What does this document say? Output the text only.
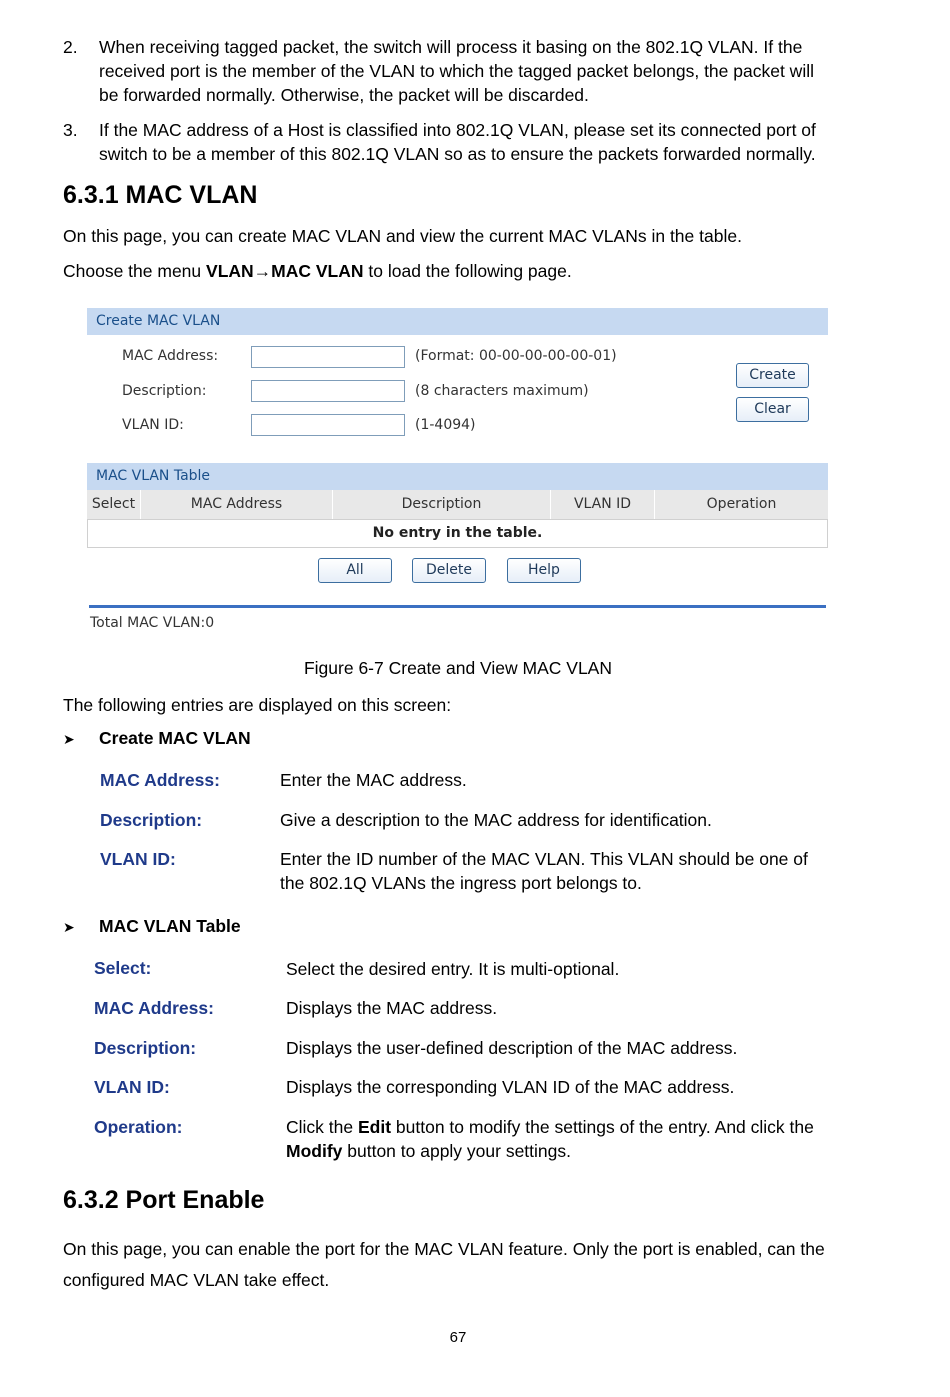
2. When receiving tagged packet, the switch will process it basing on the 802.1Q VLAN. If the
received port is the member of the VLAN to which the tagged packet belongs, the packet will
be forwarded normally. Otherwise, the packet will be discarded.
3. If the MAC address of a Host is classified into 802.1Q VLAN, please set its connected port of
switch to be a member of this 802.1Q VLAN so as to ensure the packets forwarded normally.
6.3.1 MAC VLAN
On this page, you can create MAC VLAN and view the current MAC VLANs in the table.
Choose the menu VLAN→MAC VLAN to load the following page.
Create MAC VLAN
MAC Address:	(Format: 00-00-00-00-00-01)
Description:	(8 characters maximum)
VLAN ID:	(1-4094)
Create
Clear
MAC VLAN Table
Select	MAC Address	Description	VLAN ID	Operation
No entry in the table.
All	Delete	Help
Total MAC VLAN:0
Figure 6-7 Create and View MAC VLAN
The following entries are displayed on this screen:
➤ Create MAC VLAN
MAC Address:	Enter the MAC address.
Description:	Give a description to the MAC address for identification.
VLAN ID:	Enter the ID number of the MAC VLAN. This VLAN should be one of
the 802.1Q VLANs the ingress port belongs to.
➤ MAC VLAN Table
Select:	Select the desired entry. It is multi-optional.
MAC Address:	Displays the MAC address.
Description:	Displays the user-defined description of the MAC address.
VLAN ID:	Displays the corresponding VLAN ID of the MAC address.
Operation:	Click the Edit button to modify the settings of the entry. And click the
Modify button to apply your settings.
6.3.2 Port Enable
On this page, you can enable the port for the MAC VLAN feature. Only the port is enabled, can the
configured MAC VLAN take effect.
67
